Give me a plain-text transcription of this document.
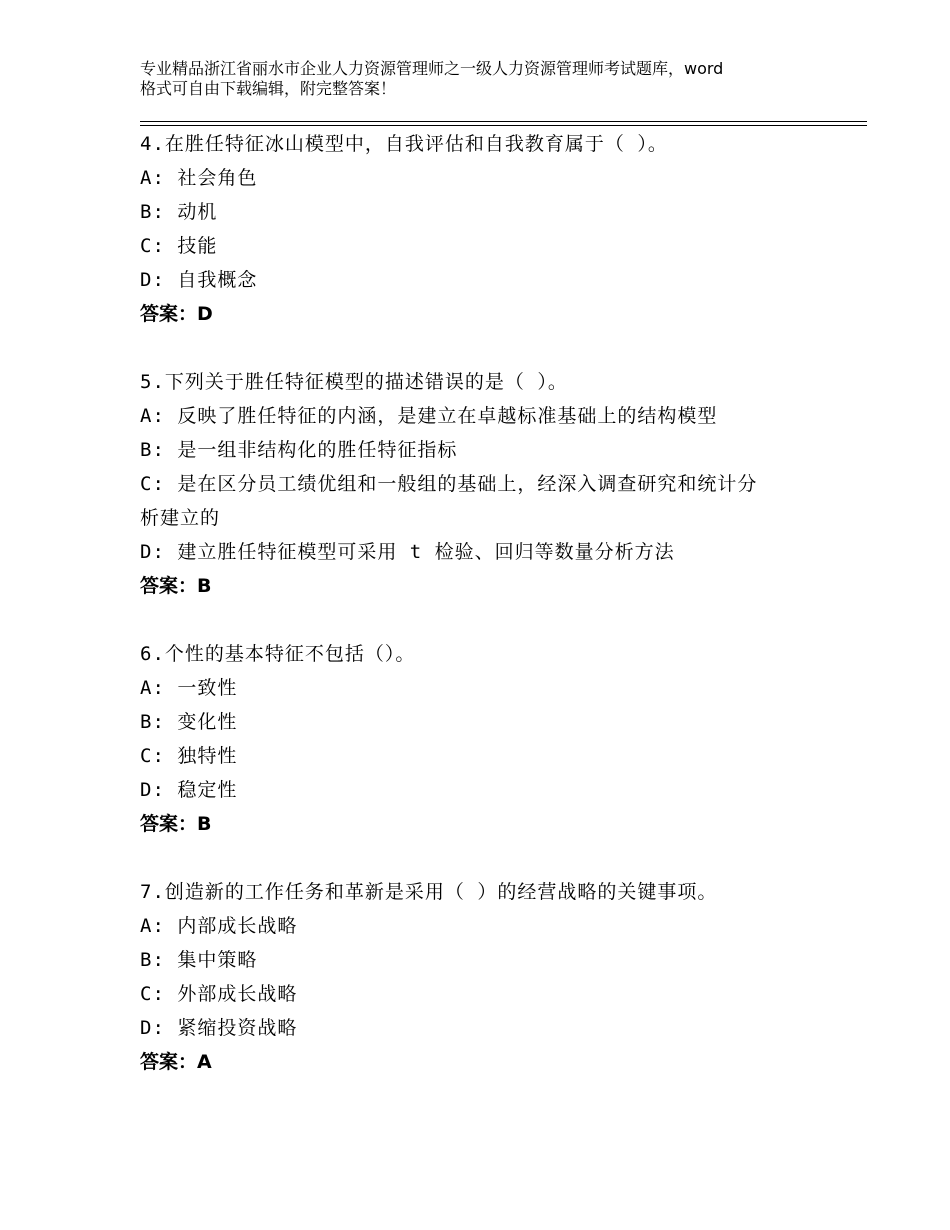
专业精品浙江省丽水市企业人力资源管理师之一级人力资源管理师考试题库，word
格式可自由下载编辑，附完整答案！
4.在胜任特征冰山模型中，自我评估和自我教育属于（ ）。
A: 社会角色
B: 动机
C: 技能
D: 自我概念
答案：D
5.下列关于胜任特征模型的描述错误的是（ ）。
A: 反映了胜任特征的内涵，是建立在卓越标准基础上的结构模型
B: 是一组非结构化的胜任特征指标
C: 是在区分员工绩优组和一般组的基础上，经深入调查研究和统计分
析建立的
D: 建立胜任特征模型可采用 t 检验、回归等数量分析方法
答案：B
6.个性的基本特征不包括（）。
A: 一致性
B: 变化性
C: 独特性
D: 稳定性
答案：B
7.创造新的工作任务和革新是采用（ ）的经营战略的关键事项。
A: 内部成长战略
B: 集中策略
C: 外部成长战略
D: 紧缩投资战略
答案：A
